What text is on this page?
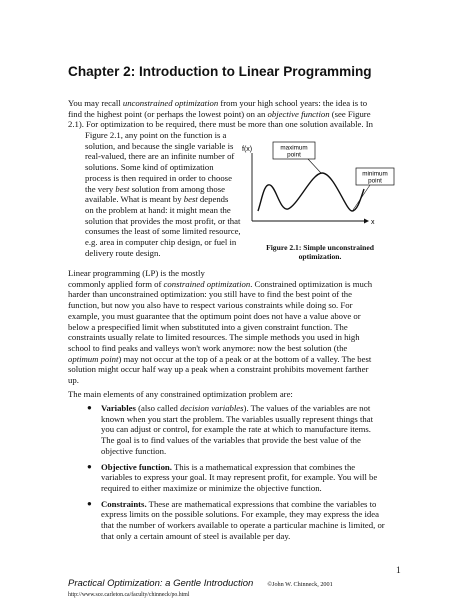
Chapter 2: Introduction to Linear Programming
You may recall unconstrained optimization from your high school years: the idea is to
find the highest point (or perhaps the lowest point) on an objective function (see Figure
2.1). For optimization to be required, there must be more than one solution available. In
Figure 2.1, any point on the function is a
solution, and because the single variable is
real-valued, there are an infinite number of
solutions. Some kind of optimization
process is then required in order to choose
the very best solution from among those
available. What is meant by best depends
on the problem at hand: it might mean the
solution that provides the most profit, or that
consumes the least of some limited resource,
e.g. area in computer chip design, or fuel in
delivery route design.
Linear programming (LP) is the mostly
commonly applied form of constrained optimization. Constrained optimization is much
harder than unconstrained optimization: you still have to find the best point of the
function, but now you also have to respect various constraints while doing so. For
example, you must guarantee that the optimum point does not have a value above or
below a prespecified limit when substituted into a given constraint function. The
constraints usually relate to limited resources. The simple methods you used in high
school to find peaks and valleys won't work anymore: now the best solution (the
optimum point) may not occur at the top of a peak or at the bottom of a valley. The best
solution might occur half way up a peak when a constraint prohibits movement farther
up.
The main elements of any constrained optimization problem are:
f(x)
x
maximum
point
minimum
point
Figure 2.1: Simple unconstrained
optimization.
● Variables (also called decision variables). The values of the variables are not
known when you start the problem. The variables usually represent things that
you can adjust or control, for example the rate at which to manufacture items.
The goal is to find values of the variables that provide the best value of the
objective function.
● Objective function. This is a mathematical expression that combines the
variables to express your goal. It may represent profit, for example. You will be
required to either maximize or minimize the objective function.
● Constraints. These are mathematical expressions that combine the variables to
express limits on the possible solutions. For example, they may express the idea
that the number of workers available to operate a particular machine is limited, or
that only a certain amount of steel is available per day.
Practical Optimization: a Gentle Introduction ©John W. Chinneck, 2001
http://www.sce.carleton.ca/faculty/chinneck/po.html
1
